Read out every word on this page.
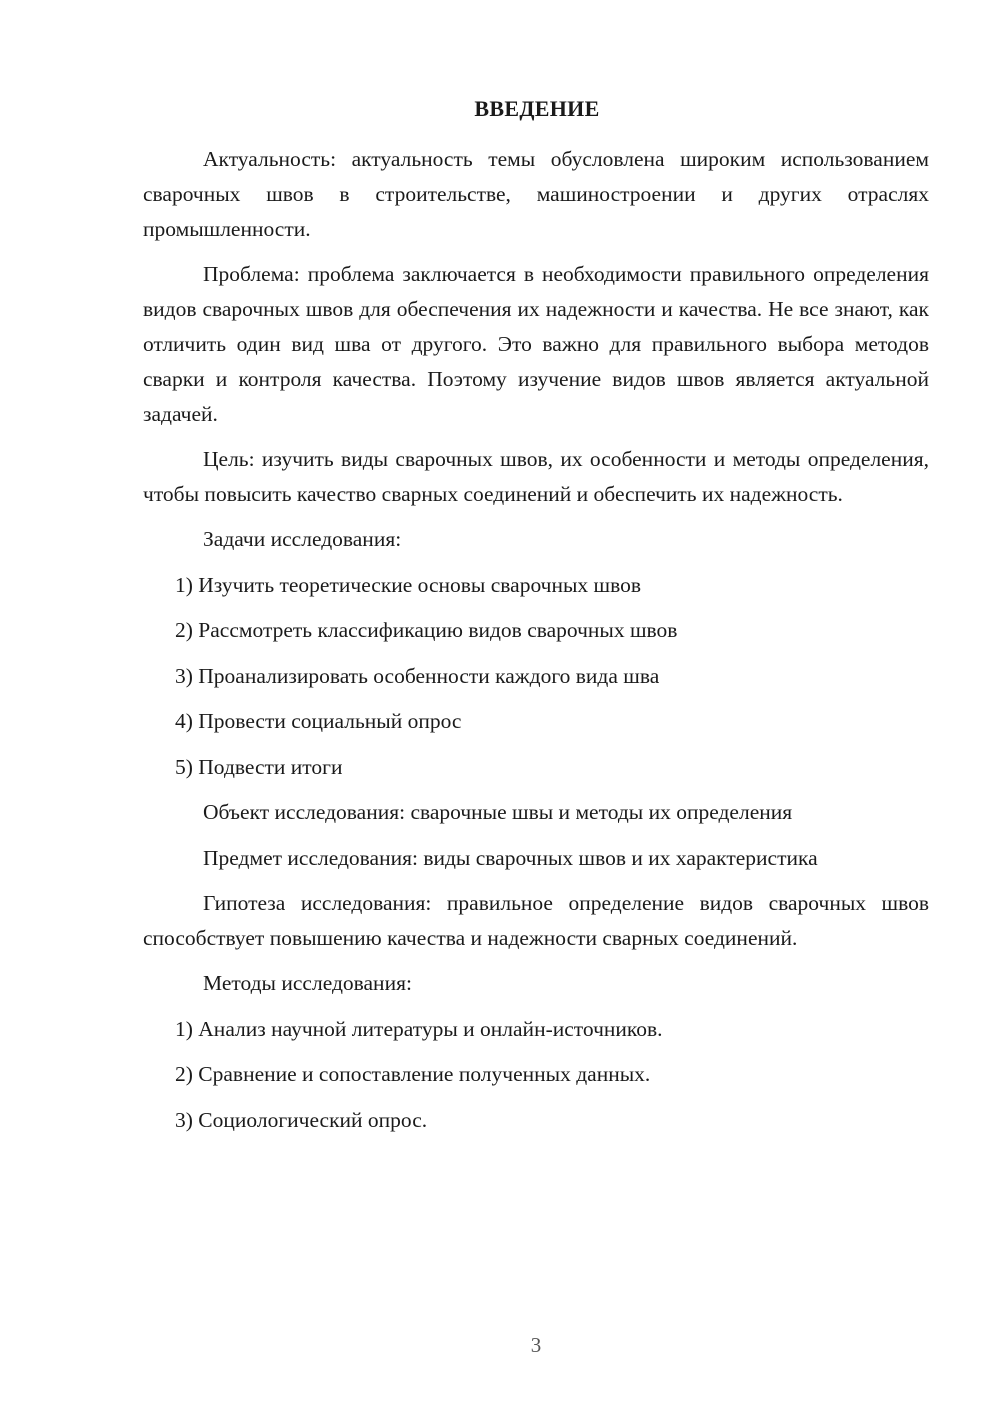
ВВЕДЕНИЕ

Актуальность: актуальность темы обусловлена широким использованием сварочных швов в строительстве, машиностроении и других отраслях промышленности.

Проблема: проблема заключается в необходимости правильного определения видов сварочных швов для обеспечения их надежности и качества. Не все знают, как отличить один вид шва от другого. Это важно для правильного выбора методов сварки и контроля качества. Поэтому изучение видов швов является актуальной задачей.

Цель: изучить виды сварочных швов, их особенности и методы определения, чтобы повысить качество сварных соединений и обеспечить их надежность.

Задачи исследования:

1) Изучить теоретические основы сварочных швов

2) Рассмотреть классификацию видов сварочных швов

3) Проанализировать особенности каждого вида шва

4) Провести социальный опрос

5) Подвести итоги

Объект исследования: сварочные швы и методы их определения

Предмет исследования: виды сварочных швов и их характеристика

Гипотеза исследования: правильное определение видов сварочных швов способствует повышению качества и надежности сварных соединений.

Методы исследования:

1) Анализ научной литературы и онлайн-источников.

2) Сравнение и сопоставление полученных данных.

3) Социологический опрос.

3
